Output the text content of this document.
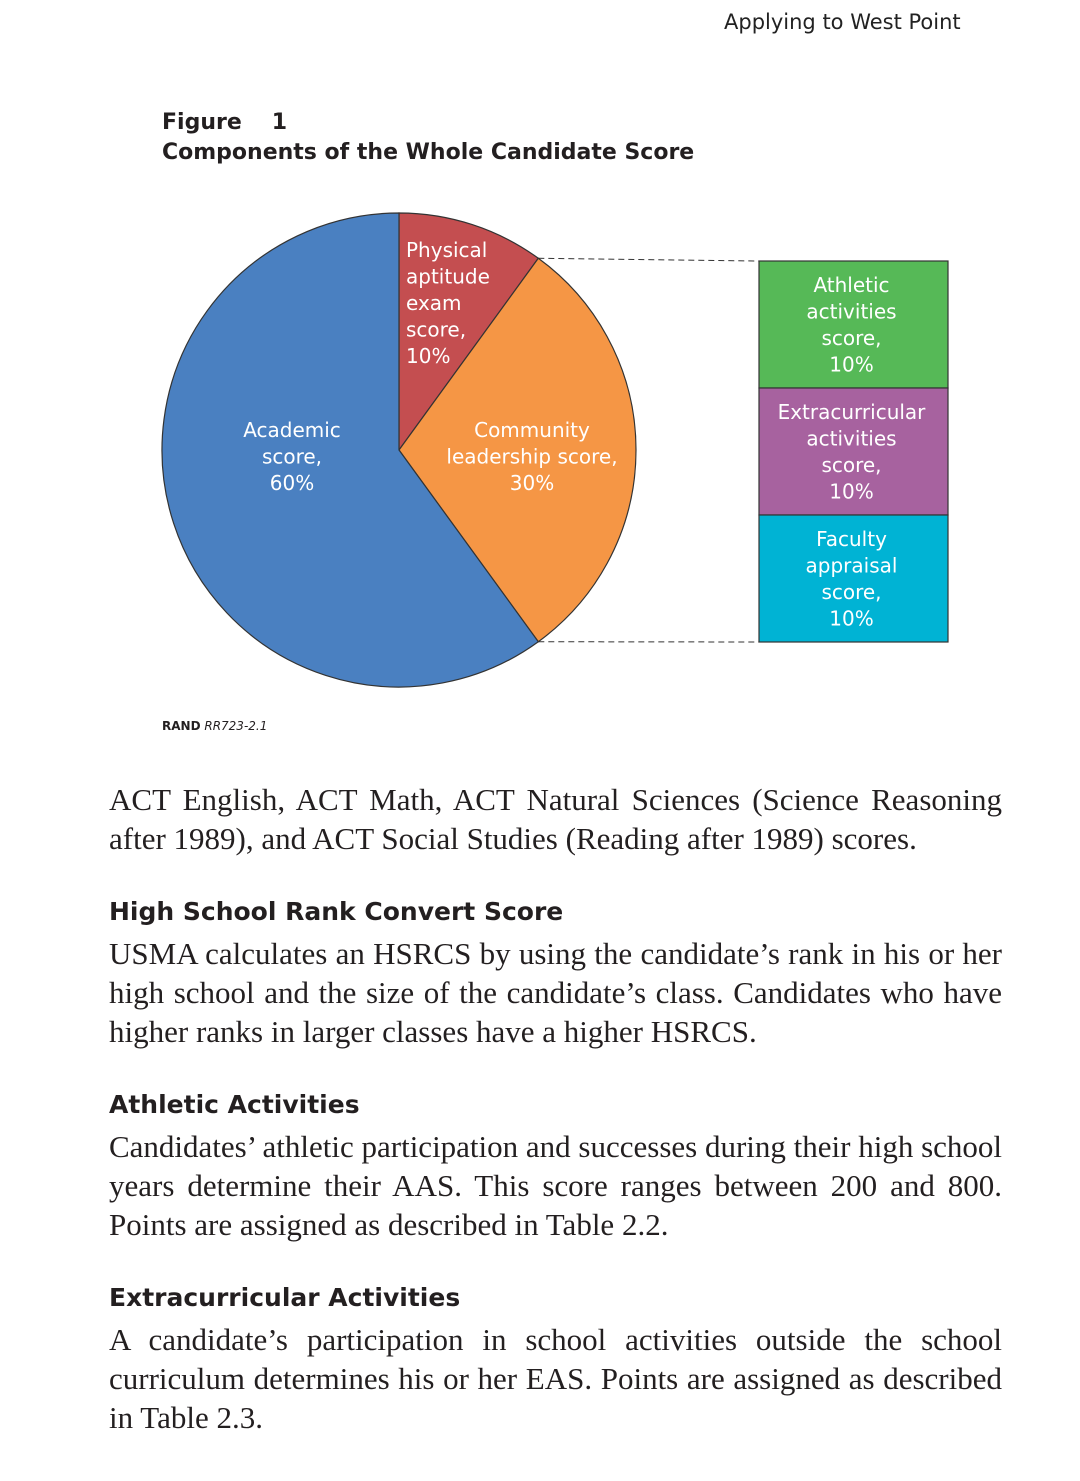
Applying to West Point
Figure 1
Components of the Whole Candidate Score
Physical aptitude exam score, 10%
Community leadership score, 30%
Academic score, 60%
Athletic activities score, 10%
Extracurricular activities score, 10%
Faculty appraisal score, 10%
RAND RR723-2.1
ACT English, ACT Math, ACT Natural Sciences (Science Reasoning after 1989), and ACT Social Studies (Reading after 1989) scores.
High School Rank Convert Score
USMA calculates an HSRCS by using the candidate’s rank in his or her high school and the size of the candidate’s class. Candidates who have higher ranks in larger classes have a higher HSRCS.
Athletic Activities
Candidates’ athletic participation and successes during their high school years determine their AAS. This score ranges between 200 and 800. Points are assigned as described in Table 2.2.
Extracurricular Activities
A candidate’s participation in school activities outside the school curriculum determines his or her EAS. Points are assigned as described in Table 2.3.
